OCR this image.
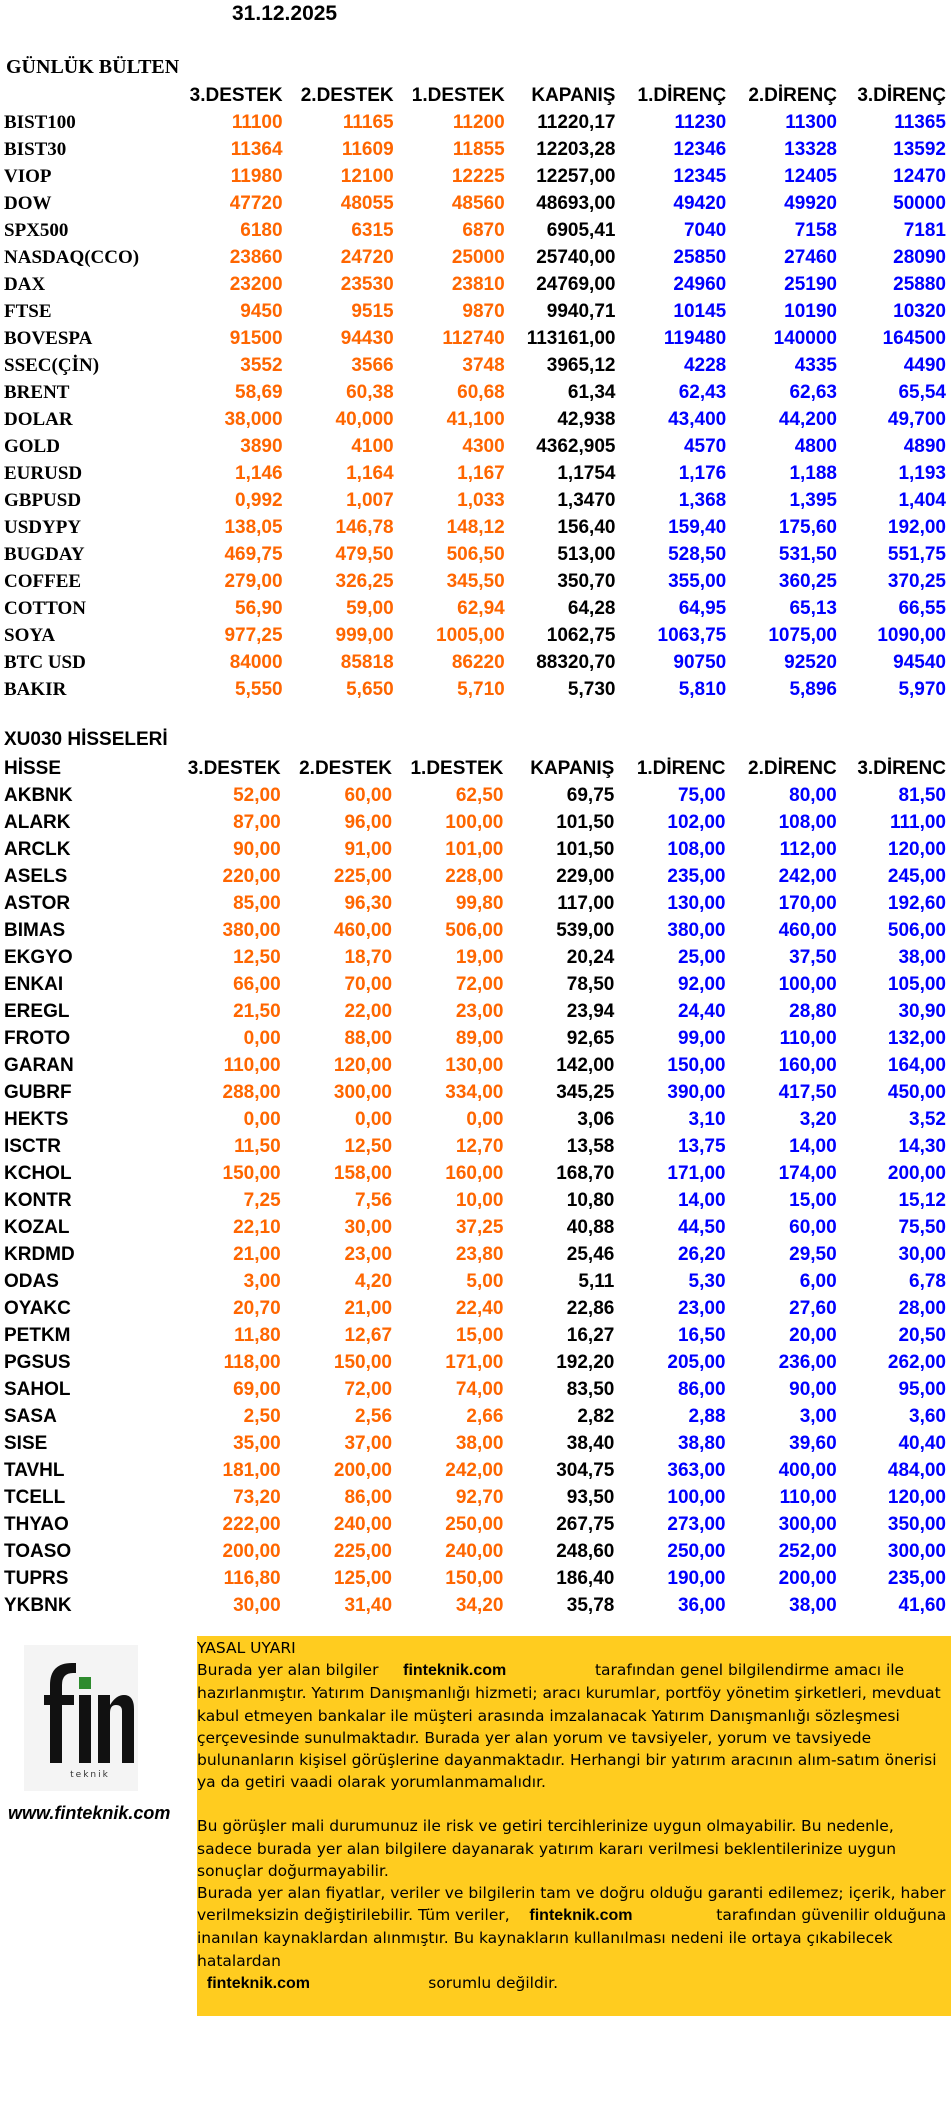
31.12.2025
GÜNLÜK BÜLTEN
	3.DESTEK	2.DESTEK	1.DESTEK	KAPANIŞ	1.DİRENÇ	2.DİRENÇ	3.DİRENÇ
BIST100	11100	11165	11200	11220,17	11230	11300	11365
BIST30	11364	11609	11855	12203,28	12346	13328	13592
VIOP	11980	12100	12225	12257,00	12345	12405	12470
DOW	47720	48055	48560	48693,00	49420	49920	50000
SPX500	6180	6315	6870	6905,41	7040	7158	7181
NASDAQ(CCO)	23860	24720	25000	25740,00	25850	27460	28090
DAX	23200	23530	23810	24769,00	24960	25190	25880
FTSE	9450	9515	9870	9940,71	10145	10190	10320
BOVESPA	91500	94430	112740	113161,00	119480	140000	164500
SSEC(ÇİN)	3552	3566	3748	3965,12	4228	4335	4490
BRENT	58,69	60,38	60,68	61,34	62,43	62,63	65,54
DOLAR	38,000	40,000	41,100	42,938	43,400	44,200	49,700
GOLD	3890	4100	4300	4362,905	4570	4800	4890
EURUSD	1,146	1,164	1,167	1,1754	1,176	1,188	1,193
GBPUSD	0,992	1,007	1,033	1,3470	1,368	1,395	1,404
USDYPY	138,05	146,78	148,12	156,40	159,40	175,60	192,00
BUGDAY	469,75	479,50	506,50	513,00	528,50	531,50	551,75
COFFEE	279,00	326,25	345,50	350,70	355,00	360,25	370,25
COTTON	56,90	59,00	62,94	64,28	64,95	65,13	66,55
SOYA	977,25	999,00	1005,00	1062,75	1063,75	1075,00	1090,00
BTC USD	84000	85818	86220	88320,70	90750	92520	94540
BAKIR	5,550	5,650	5,710	5,730	5,810	5,896	5,970
XU030 HİSSELERİ
HİSSE	3.DESTEK	2.DESTEK	1.DESTEK	KAPANIŞ	1.DİRENC	2.DİRENC	3.DİRENC
AKBNK	52,00	60,00	62,50	69,75	75,00	80,00	81,50
ALARK	87,00	96,00	100,00	101,50	102,00	108,00	111,00
ARCLK	90,00	91,00	101,00	101,50	108,00	112,00	120,00
ASELS	220,00	225,00	228,00	229,00	235,00	242,00	245,00
ASTOR	85,00	96,30	99,80	117,00	130,00	170,00	192,60
BIMAS	380,00	460,00	506,00	539,00	380,00	460,00	506,00
EKGYO	12,50	18,70	19,00	20,24	25,00	37,50	38,00
ENKAI	66,00	70,00	72,00	78,50	92,00	100,00	105,00
EREGL	21,50	22,00	23,00	23,94	24,40	28,80	30,90
FROTO	0,00	88,00	89,00	92,65	99,00	110,00	132,00
GARAN	110,00	120,00	130,00	142,00	150,00	160,00	164,00
GUBRF	288,00	300,00	334,00	345,25	390,00	417,50	450,00
HEKTS	0,00	0,00	0,00	3,06	3,10	3,20	3,52
ISCTR	11,50	12,50	12,70	13,58	13,75	14,00	14,30
KCHOL	150,00	158,00	160,00	168,70	171,00	174,00	200,00
KONTR	7,25	7,56	10,00	10,80	14,00	15,00	15,12
KOZAL	22,10	30,00	37,25	40,88	44,50	60,00	75,50
KRDMD	21,00	23,00	23,80	25,46	26,20	29,50	30,00
ODAS	3,00	4,20	5,00	5,11	5,30	6,00	6,78
OYAKC	20,70	21,00	22,40	22,86	23,00	27,60	28,00
PETKM	11,80	12,67	15,00	16,27	16,50	20,00	20,50
PGSUS	118,00	150,00	171,00	192,20	205,00	236,00	262,00
SAHOL	69,00	72,00	74,00	83,50	86,00	90,00	95,00
SASA	2,50	2,56	2,66	2,82	2,88	3,00	3,60
SISE	35,00	37,00	38,00	38,40	38,80	39,60	40,40
TAVHL	181,00	200,00	242,00	304,75	363,00	400,00	484,00
TCELL	73,20	86,00	92,70	93,50	100,00	110,00	120,00
THYAO	222,00	240,00	250,00	267,75	273,00	300,00	350,00
TOASO	200,00	225,00	240,00	248,60	250,00	252,00	300,00
TUPRS	116,80	125,00	150,00	186,40	190,00	200,00	235,00
YKBNK	30,00	31,40	34,20	35,78	36,00	38,00	41,60
teknik
www.finteknik.com

YASAL UYARI

Burada yer alan bilgiler finteknik.com	tarafından genel bilgilendirme amacı ile hazırlanmıştır. Yatırım Danışmanlığı hizmeti; aracı kurumlar, portföy yönetim şirketleri, mevduat kabul etmeyen bankalar ile müşteri arasında imzalanacak Yatırım Danışmanlığı sözleşmesi çerçevesinde sunulmaktadır. Burada yer alan yorum ve tavsiyeler, yorum ve tavsiyede bulunanların kişisel görüşlerine dayanmaktadır. Herhangi bir yatırım aracının alım-satım önerisi ya da getiri vaadi olarak yorumlanmamalıdır.

Bu görüşler mali durumunuz ile risk ve getiri tercihlerinize uygun olmayabilir. Bu nedenle, sadece burada yer alan bilgilere dayanarak yatırım kararı verilmesi beklentilerinize uygun sonuçlar doğurmayabilir.

Burada yer alan fiyatlar, veriler ve bilgilerin tam ve doğru olduğu garanti edilemez; içerik, haber verilmeksizin değiştirilebilir. Tüm veriler, finteknik.com	tarafından güvenilir olduğuna inanılan kaynaklardan alınmıştır. Bu kaynakların kullanılması nedeni ile ortaya çıkabilecek hatalardan
finteknik.com	sorumlu değildir.
